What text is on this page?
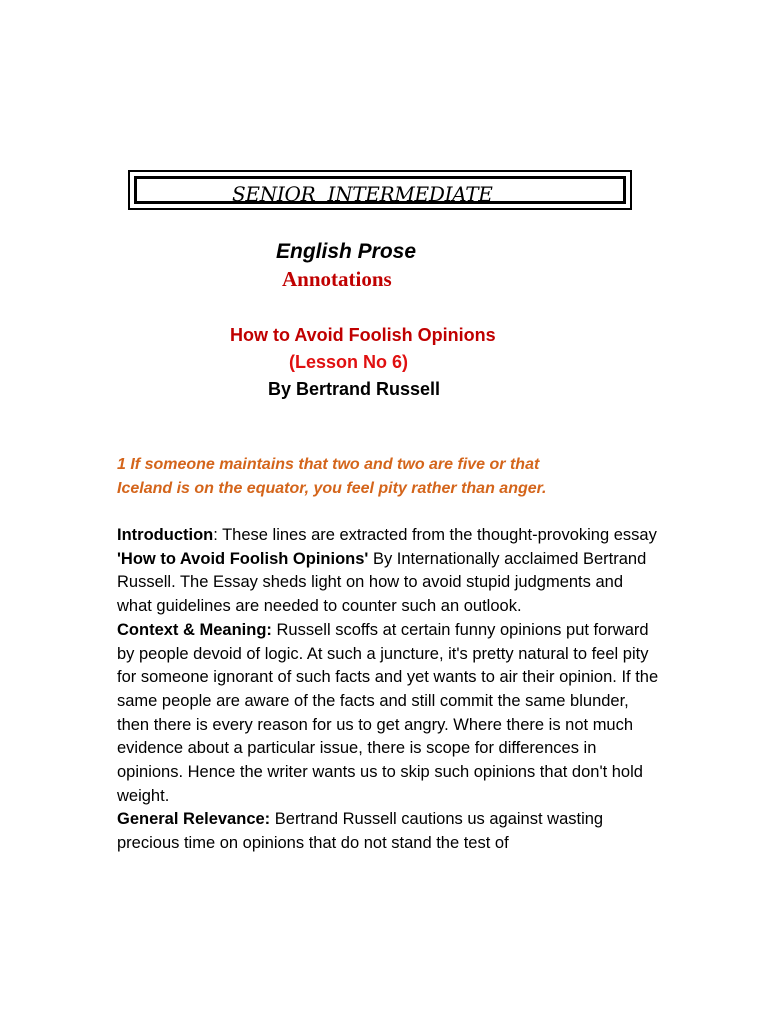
SENIOR  INTERMEDIATE
English Prose
Annotations
How to Avoid Foolish Opinions
(Lesson No 6)
By Bertrand Russell
1 If someone maintains that two and two are five or that
Iceland is on the equator, you feel pity rather than anger.

Introduction: These lines are extracted from the thought-provoking essay 'How to Avoid Foolish Opinions' By Internationally acclaimed Bertrand Russell. The Essay sheds light on how to avoid stupid judgments and what guidelines are needed to counter such an outlook.

Context & Meaning: Russell scoffs at certain funny opinions put forward by people devoid of logic. At such a juncture, it's pretty natural to feel pity for someone ignorant of such facts and yet wants to air their opinion. If the same people are aware of the facts and still commit the same blunder, then there is every reason for us to get angry. Where there is not much evidence about a particular issue, there is scope for differences in opinions. Hence the writer wants us to skip such opinions that don't hold weight.

General Relevance: Bertrand Russell cautions us against wasting precious time on opinions that do not stand the test of
